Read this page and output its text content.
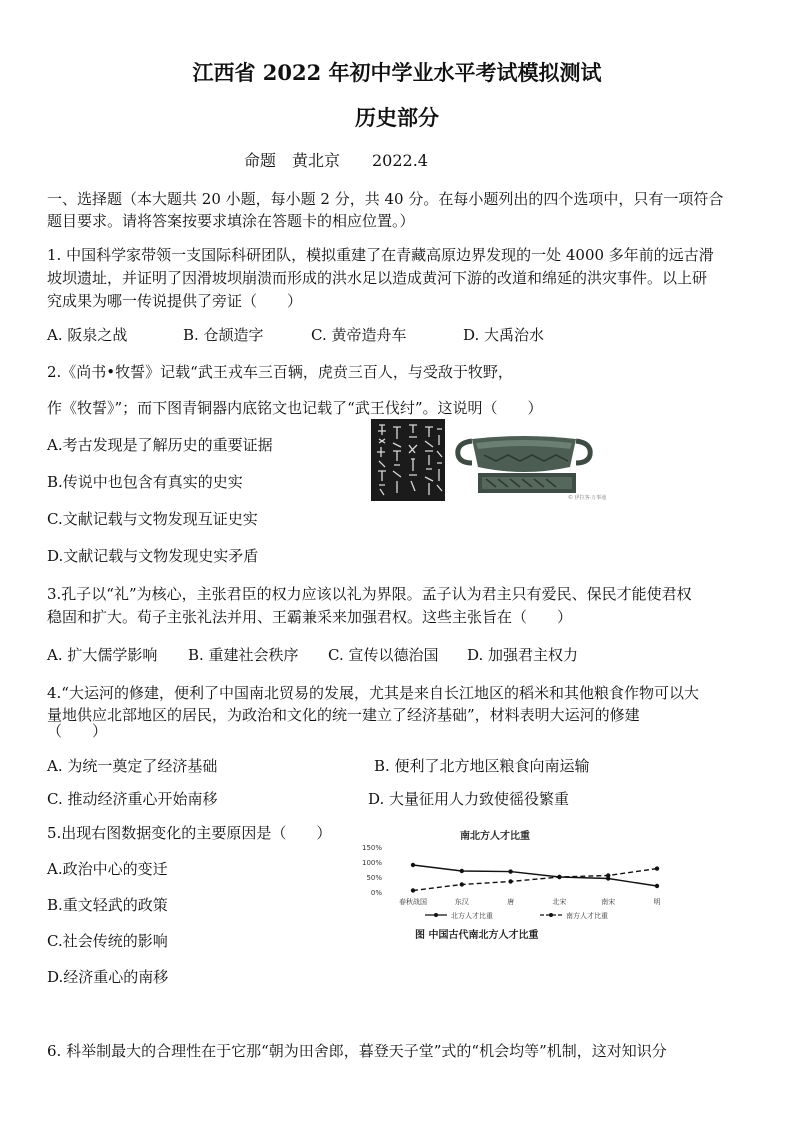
江西省 2022 年初中学业水平考试模拟测试
历史部分
命题　黄北京　　2022.4
一、选择题（本大题共 20 小题，每小题 2 分，共 40 分。在每小题列出的四个选项中，只有一项符合
题目要求。请将答案按要求填涂在答题卡的相应位置。）
1. 中国科学家带领一支国际科研团队，模拟重建了在青藏高原边界发现的一处 4000 多年前的远古滑
坡坝遗址，并证明了因滑坡坝崩溃而形成的洪水足以造成黄河下游的改道和绵延的洪灾事件。以上研
究成果为哪一传说提供了旁证（　　）
A. 阪泉之战	B. 仓颉造字	C. 黄帝造舟车	D. 大禹治水
2.《尚书•牧誓》记载“武王戎车三百辆，虎贲三百人，与受敌于牧野，
作《牧誓》”；而下图青铜器内底铭文也记载了“武王伐纣”。这说明（　　）
A.考古发现是了解历史的重要证据
B.传说中也包含有真实的史实
C.文献记载与文物发现互证史实
D.文献记载与文物发现史实矛盾
© 伊拉客·万事通
3.孔子以“礼”为核心，主张君臣的权力应该以礼为界限。孟子认为君主只有爱民、保民才能使君权
稳固和扩大。荀子主张礼法并用、王霸兼采来加强君权。这些主张旨在（　　）
A. 扩大儒学影响 B. 重建社会秩序 C. 宣传以德治国 D. 加强君主权力
4.“大运河的修建，便利了中国南北贸易的发展，尤其是来自长江地区的稻米和其他粮食作物可以大
量地供应北部地区的居民，为政治和文化的统一建立了经济基础”，材料表明大运河的修建
（　　）
A. 为统一奠定了经济基础	B. 便利了北方地区粮食向南运输
C. 推动经济重心开始南移	D. 大量征用人力致使徭役繁重
5.出现右图数据变化的主要原因是（　　）
A.政治中心的变迁
B.重文轻武的政策
C.社会传统的影响
D.经济重心的南移
南北方人才比重
150%
100%
50%
0%
春秋战国	东汉	唐	北宋	南宋	明
北方人才比重	南方人才比重
图 中国古代南北方人才比重
6. 科举制最大的合理性在于它那“朝为田舍郎，暮登天子堂”式的“机会均等”机制，这对知识分
